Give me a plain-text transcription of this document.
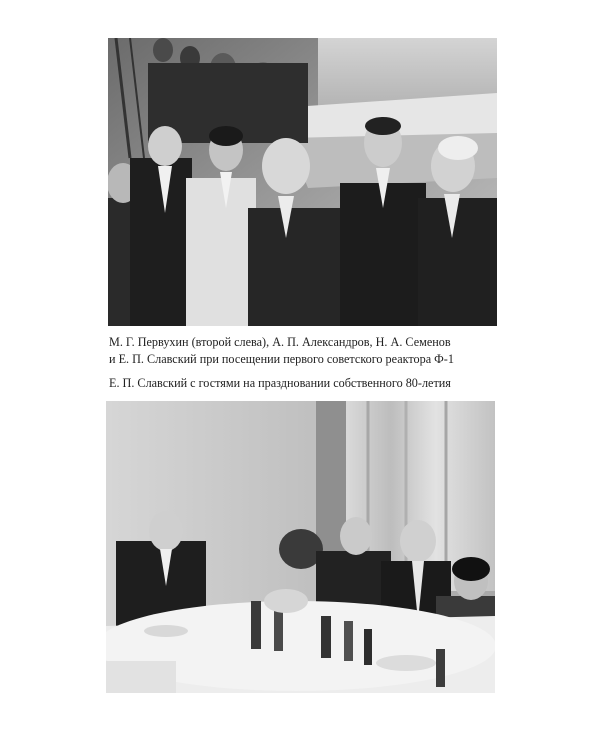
М. Г. Первухин (второй слева), А. П. Александров, Н. А. Семенов
и Е. П. Славский при посещении первого советского реактора Ф-1
Е. П. Славский с гостями на праздновании собственного 80-летия
